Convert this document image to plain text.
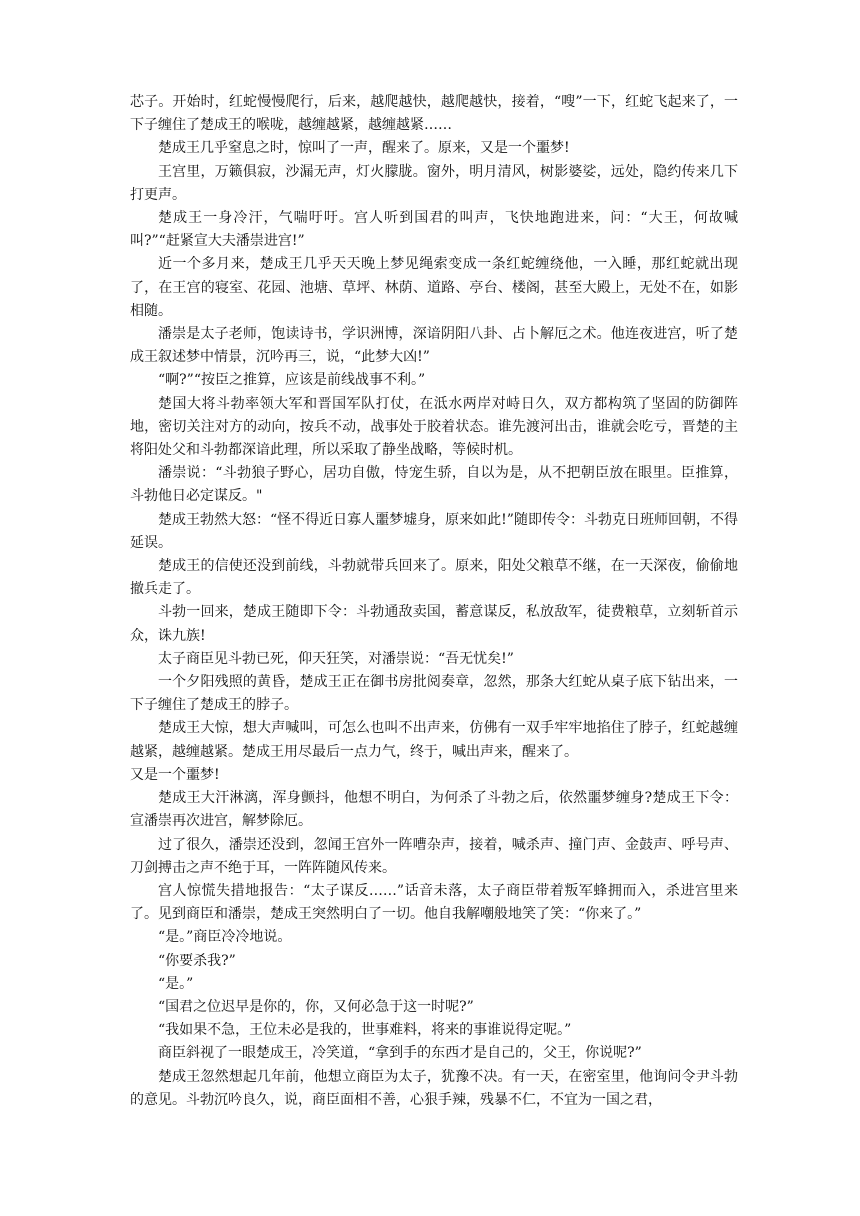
芯子。开始时，红蛇慢慢爬行，后来，越爬越快，越爬越快，接着，“嗖”一下，红蛇飞起来了，一下子缠住了楚成王的喉咙，越缠越紧，越缠越紧……

楚成王几乎窒息之时，惊叫了一声，醒来了。原来，又是一个噩梦!

王宫里，万籁俱寂，沙漏无声，灯火朦胧。窗外，明月清风，树影婆娑，远处，隐约传来几下打更声。

楚成王一身冷汗，气喘吁吁。宫人听到国君的叫声，飞快地跑进来，问：“大王，何故喊叫?”“赶紧宣大夫潘崇进宫!”

近一个多月来，楚成王几乎天天晚上梦见绳索变成一条红蛇缠绕他，一入睡，那红蛇就出现了，在王宫的寝室、花园、池塘、草坪、林荫、道路、亭台、楼阁，甚至大殿上，无处不在，如影相随。

潘崇是太子老师，饱读诗书，学识洲博，深谙阴阳八卦、占卜解厄之术。他连夜进宫，听了楚成王叙述梦中情景，沉吟再三，说，“此梦大凶!”

“啊?”“按臣之推算，应该是前线战事不利。”

楚国大将斗勃率领大军和晋国军队打仗，在泜水两岸对峙日久，双方都构筑了坚固的防御阵地，密切关注对方的动向，按兵不动，战事处于胶着状态。谁先渡河出击，谁就会吃亏，晋楚的主将阳处父和斗勃都深谙此理，所以采取了静坐战略，等候时机。

潘崇说：“斗勃狼子野心，居功自傲，恃宠生骄，自以为是，从不把朝臣放在眼里。臣推算，斗勃他日必定谋反。"

楚成王勃然大怒：“怪不得近日寡人噩梦墟身，原来如此!”随即传令：斗勃克日班师回朝，不得延误。

楚成王的信使还没到前线，斗勃就带兵回来了。原来，阳处父粮草不继，在一天深夜，偷偷地撤兵走了。

斗勃一回来，楚成王随即下令：斗勃通敌卖国，蓄意谋反，私放敌军，徒费粮草，立刻斩首示众，诛九族!

太子商臣见斗勃已死，仰天狂笑，对潘崇说：“吾无忧矣!”

一个夕阳残照的黄昏，楚成王正在御书房批阅奏章，忽然，那条大红蛇从桌子底下钻出来，一下子缠住了楚成王的脖子。

楚成王大惊，想大声喊叫，可怎么也叫不出声来，仿佛有一双手牢牢地掐住了脖子，红蛇越缠越紧，越缠越紧。楚成王用尽最后一点力气，终于，喊出声来，醒来了。

又是一个噩梦!

楚成王大汗淋漓，浑身颤抖，他想不明白，为何杀了斗勃之后，依然噩梦缠身?楚成王下令：宣潘崇再次进宫，解梦除厄。

过了很久，潘崇还没到，忽闻王宫外一阵嘈杂声，接着，喊杀声、撞门声、金鼓声、呼号声、刀剑搏击之声不绝于耳，一阵阵随风传来。

宫人惊慌失措地报告：“太子谋反……”话音未落，太子商臣带着叛军蜂拥而入，杀进宫里来了。见到商臣和潘崇，楚成王突然明白了一切。他自我解嘲般地笑了笑：“你来了。”

“是。”商臣冷冷地说。

“你要杀我?”

“是。”

“国君之位迟早是你的，你，又何必急于这一时呢?”

“我如果不急，王位未必是我的，世事难料，将来的事谁说得定呢。”

商臣斜视了一眼楚成王，冷笑道，“拿到手的东西才是自己的，父王，你说呢?”

楚成王忽然想起几年前，他想立商臣为太子，犹豫不决。有一天，在密室里，他询问令尹斗勃的意见。斗勃沉吟良久，说，商臣面相不善，心狠手辣，残暴不仁，不宜为一国之君，
